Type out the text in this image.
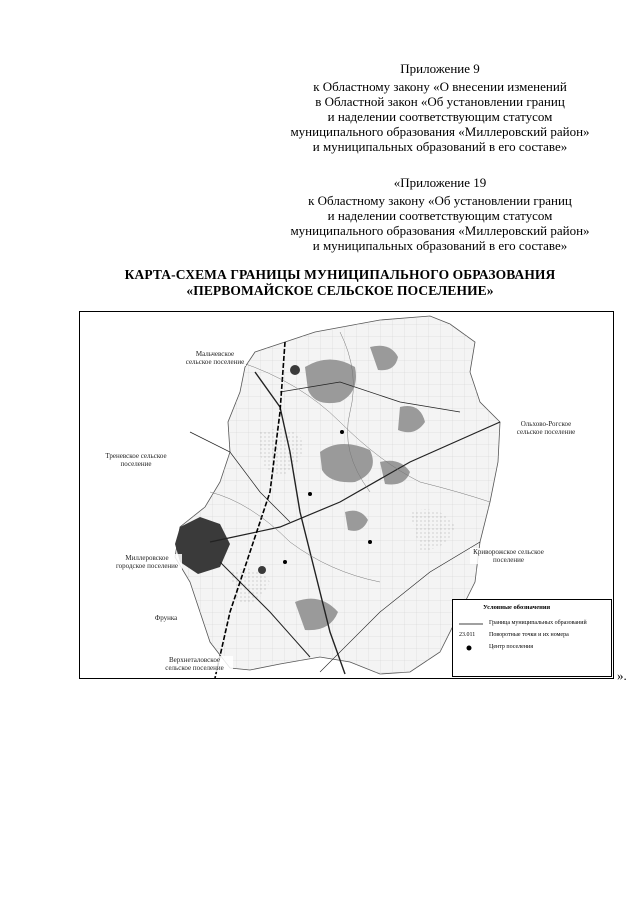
Приложение 9
к Областному закону «О внесении изменений
в Областной закон «Об установлении границ
и наделении соответствующим статусом
муниципального образования «Миллеровский район»
и муниципальных образований в его составе»
«Приложение 19
к Областному закону «Об установлении границ
и наделении соответствующим статусом
муниципального образования «Миллеровский район»
и муниципальных образований в его составе»
КАРТА-СХЕМА ГРАНИЦЫ МУНИЦИПАЛЬНОГО ОБРАЗОВАНИЯ
«ПЕРВОМАЙСКОЕ СЕЛЬСКОЕ ПОСЕЛЕНИЕ»
Мальчевское сельское поселение
Ольхово-Рогское сельское поселение
Треневское сельское поселение
Миллеровское городское поселение
Криворожское сельское поселение
Верхнеталовское сельское поселение
Фрунка
Условные обозначения
Граница муниципальных образований
23.011	Поворотные точки и их номера
Центр поселения
».
